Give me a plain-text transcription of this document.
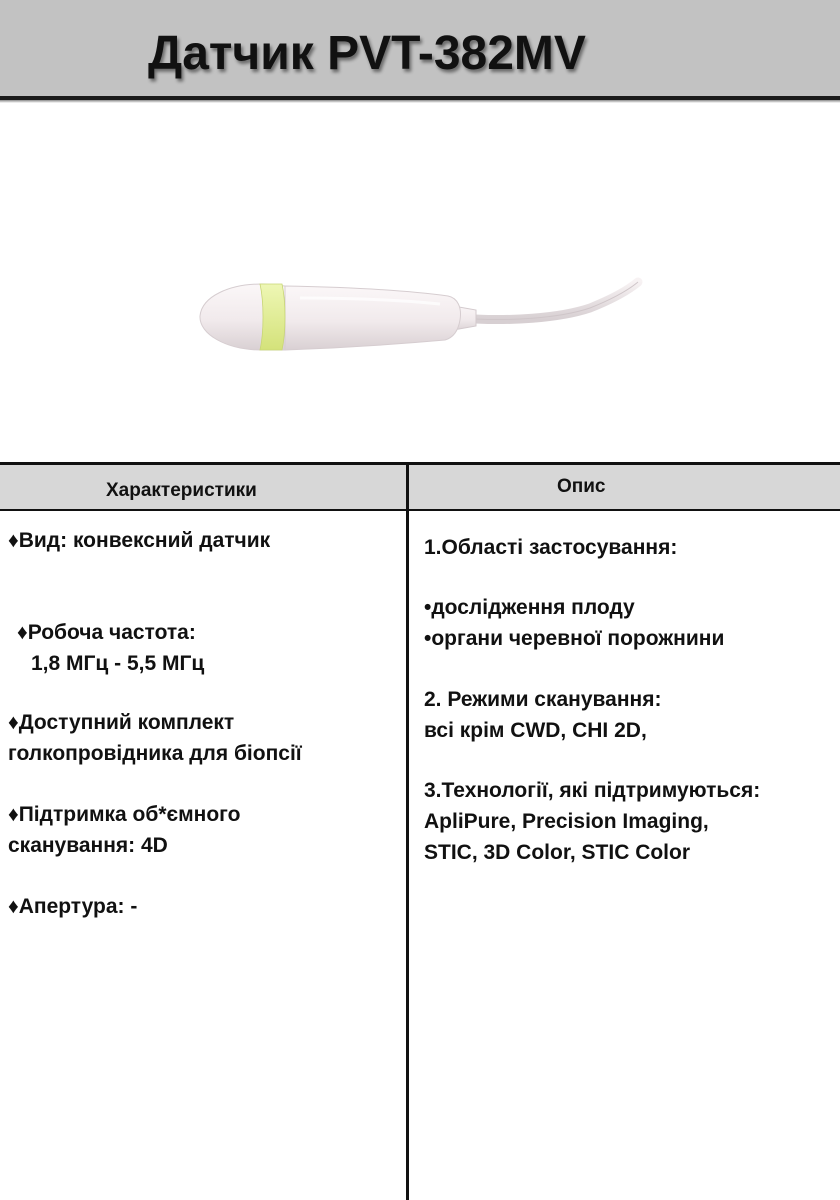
Датчик PVT-382MV
Характеристики	Опис
♦Вид: конвексний датчик
♦Робоча частота:
1,8 МГц - 5,5 МГц
♦Доступний комплект
голкопровідника для біопсії
♦Підтримка об*ємного
сканування: 4D
♦Апертура: -
1.Області застосування:
•дослідження плоду
•органи черевної порожнини
2. Режими сканування:
всі крім CWD, CHI 2D,
3.Технології, які підтримуються:
ApliPure, Precision Imaging,
STIC, 3D Color, STIC Color
